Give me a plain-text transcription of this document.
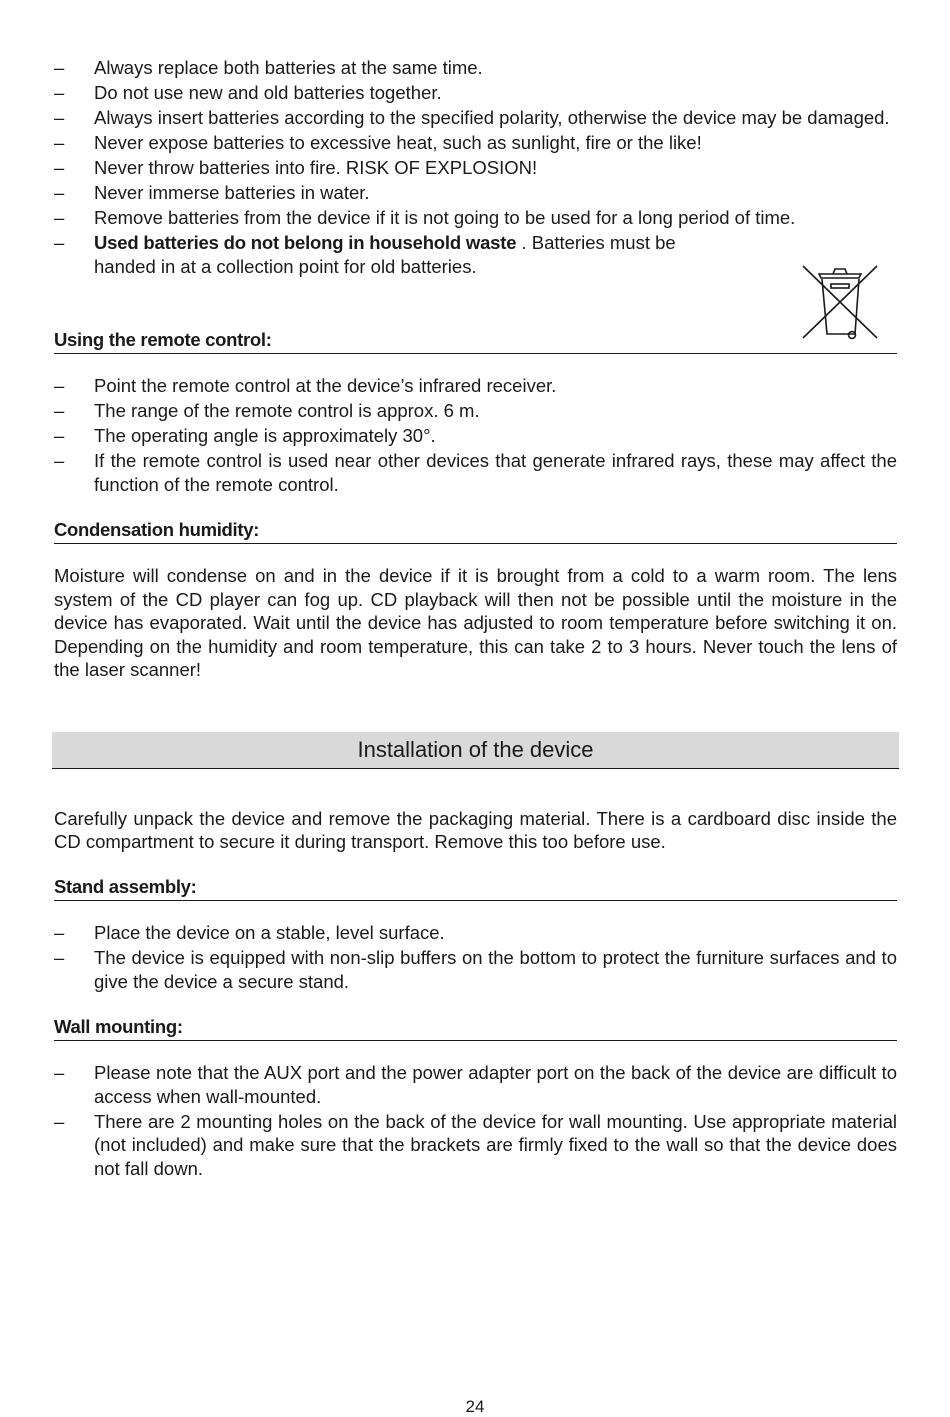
– Always replace both batteries at the same time.
– Do not use new and old batteries together.
– Always insert batteries according to the specified polarity, otherwise the device may be damaged.
– Never expose batteries to excessive heat, such as sunlight, fire or the like!
– Never throw batteries into fire. RISK OF EXPLOSION!
– Never immerse batteries in water.
– Remove batteries from the device if it is not going to be used for a long period of time.
– Used batteries do not belong in household waste . Batteries must be
handed in at a collection point for old batteries.
Using the remote control:
– Point the remote control at the device’s infrared receiver.
– The range of the remote control is approx. 6 m.
– The operating angle is approximately 30°.
– If the remote control is used near other devices that generate infrared rays, these may affect the function of the remote control.
Condensation humidity:

Moisture will condense on and in the device if it is brought from a cold to a warm room. The lens system of the CD player can fog up. CD playback will then not be possible until the moisture in the device has evaporated. Wait until the device has adjusted to room temperature before switching it on. Depending on the humidity and room temperature, this can take 2 to 3 hours. Never touch the lens of the laser scanner!

Installation of the device

Carefully unpack the device and remove the packaging material. There is a cardboard disc inside the CD compartment to secure it during transport. Remove this too before use.

Stand assembly:
– Place the device on a stable, level surface.
– The device is equipped with non-slip buffers on the bottom to protect the furniture surfaces and to give the device a secure stand.
Wall mounting:
– Please note that the AUX port and the power adapter port on the back of the device are difficult to access when wall-mounted.
– There are 2 mounting holes on the back of the device for wall mounting. Use appropriate material (not included) and make sure that the brackets are firmly fixed to the wall so that the device does not fall down.
24
